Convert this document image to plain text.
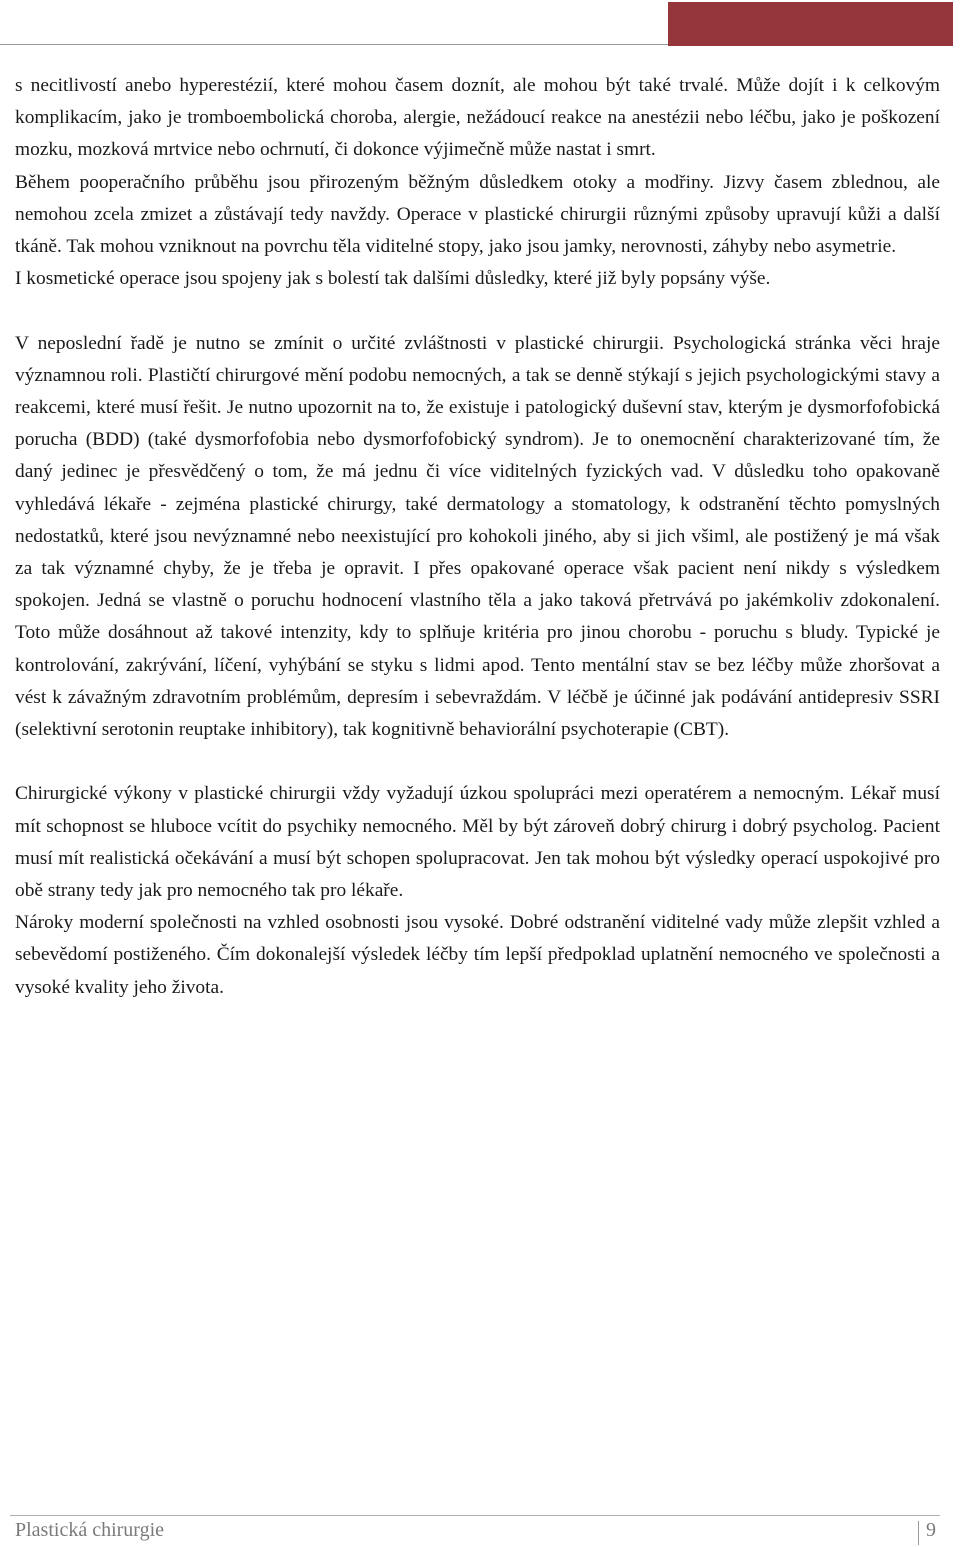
s necitlivostí anebo hyperestézií, které mohou časem doznít, ale mohou být také trvalé. Může dojít i k celkovým komplikacím, jako je tromboembolická choroba, alergie, nežádoucí reakce na anestézii nebo léčbu, jako je poškození mozku, mozková mrtvice nebo ochrnutí, či dokonce výjimečně může nastat i smrt.

Během pooperačního průběhu jsou přirozeným běžným důsledkem otoky a modřiny. Jizvy časem zblednou, ale nemohou zcela zmizet a zůstávají tedy navždy. Operace v plastické chirurgii různými způsoby upravují kůži a další tkáně. Tak mohou vzniknout na povrchu těla viditelné stopy, jako jsou jamky, nerovnosti, záhyby nebo asymetrie.

I kosmetické operace jsou spojeny jak s bolestí tak dalšími důsledky, které již byly popsány výše.

V neposlední řadě je nutno se zmínit o určité zvláštnosti v plastické chirurgii. Psychologická stránka věci hraje významnou roli. Plastičtí chirurgové mění podobu nemocných, a tak se denně stýkají s jejich psychologickými stavy a reakcemi, které musí řešit. Je nutno upozornit na to, že existuje i patologický duševní stav, kterým je dysmorfofobická porucha (BDD) (také dysmorfofobia nebo dysmorfofobický syndrom). Je to onemocnění charakterizované tím, že daný jedinec je přesvědčený o tom, že má jednu či více viditelných fyzických vad. V důsledku toho opakovaně vyhledává lékaře - zejména plastické chirurgy, také dermatology a stomatology, k odstranění těchto pomyslných nedostatků, které jsou nevýznamné nebo neexistující pro kohokoli jiného, aby si jich všiml, ale postižený je má však za tak významné chyby, že je třeba je opravit. I přes opakované operace však pacient není nikdy s výsledkem spokojen. Jedná se vlastně o poruchu hodnocení vlastního těla a jako taková přetrvává po jakémkoliv zdokonalení. Toto může dosáhnout až takové intenzity, kdy to splňuje kritéria pro jinou chorobu - poruchu s bludy. Typické je kontrolování, zakrývání, líčení, vyhýbání se styku s lidmi apod. Tento mentální stav se bez léčby může zhoršovat a vést k závažným zdravotním problémům, depresím i sebevraždám. V léčbě je účinné jak podávání antidepresiv SSRI (selektivní serotonin reuptake inhibitory), tak kognitivně behaviorální psychoterapie (CBT).

Chirurgické výkony v plastické chirurgii vždy vyžadují úzkou spolupráci mezi operatérem a nemocným. Lékař musí mít schopnost se hluboce vcítit do psychiky nemocného. Měl by být zároveň dobrý chirurg i dobrý psycholog. Pacient musí mít realistická očekávání a musí být schopen spolupracovat. Jen tak mohou být výsledky operací uspokojivé pro obě strany tedy jak pro nemocného tak pro lékaře.

Nároky moderní společnosti na vzhled osobnosti jsou vysoké. Dobré odstranění viditelné vady může zlepšit vzhled a sebevědomí postiženého. Čím dokonalejší výsledek léčby tím lepší předpoklad uplatnění nemocného ve společnosti a vysoké kvality jeho života.

Plastická chirurgie	9
